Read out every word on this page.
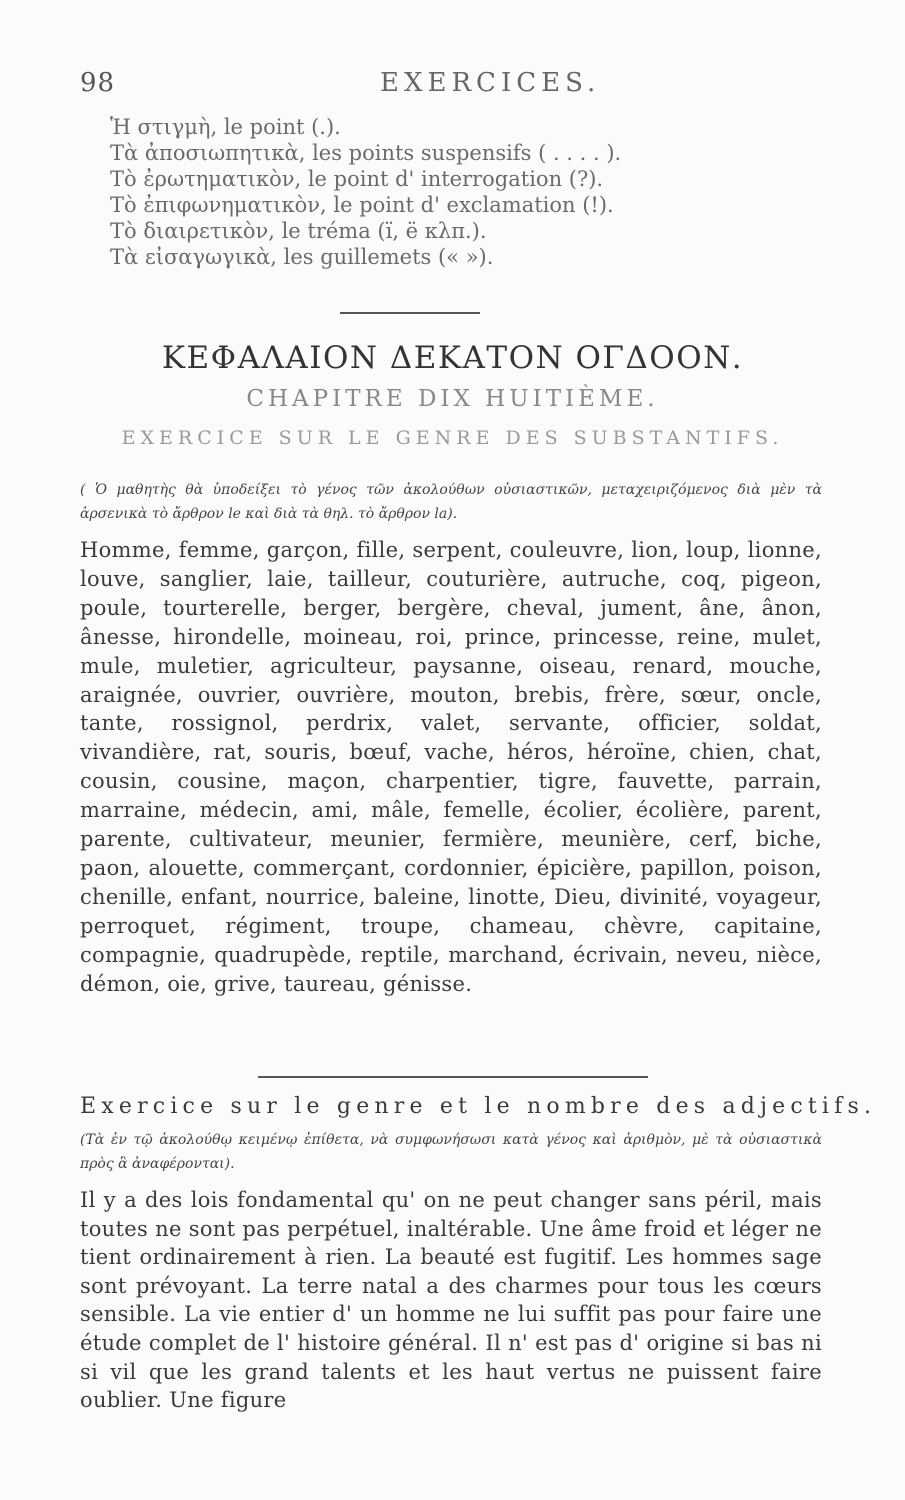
98	EXERCICES.
Ἡ στιγμὴ, le point (.).
Τὰ ἀποσιωπητικὰ, les points suspensifs ( . . . . ).
Τὸ ἐρωτηματικὸν, le point d' interrogation (?).
Τὸ ἐπιφωνηματικὸν, le point d' exclamation (!).
Τὸ διαιρετικὸν, le tréma (ï, ë κλπ.).
Τὰ εἰσαγωγικὰ, les guillemets (« »).
ΚΕΦΑΛΑΙΟΝ ΔΕΚΑΤΟΝ ΟΓΔΟΟΝ.
CHAPITRE DIX HUITIÈME.
EXERCICE SUR LE GENRE DES SUBSTANTIFS.
( Ὁ μαθητὴς θὰ ὑποδείξει τὸ γένος τῶν ἀκολούθων οὐσιαστικῶν, μεταχειριζόμενος διὰ μὲν τὰ ἀρσενικὰ τὸ ἄρθρον le καὶ διὰ τὰ θηλ. τὸ ἄρθρον la).
Homme, femme, garçon, fille, serpent, couleuvre, lion, loup, lionne, louve, sanglier, laie, tailleur, couturière, autruche, coq, pigeon, poule, tourterelle, berger, bergère, cheval, jument, âne, ânon, ânesse, hirondelle, moineau, roi, prince, princesse, reine, mulet, mule, muletier, agriculteur, paysanne, oiseau, renard, mouche, araignée, ouvrier, ouvrière, mouton, brebis, frère, sœur, oncle, tante, rossignol, perdrix, valet, servante, officier, soldat, vivandière, rat, souris, bœuf, vache, héros, héroïne, chien, chat, cousin, cousine, maçon, charpentier, tigre, fauvette, parrain, marraine, médecin, ami, mâle, femelle, écolier, écolière, parent, parente, cultivateur, meunier, fermière, meunière, cerf, biche, paon, alouette, commerçant, cordonnier, épicière, papillon, poison, chenille, enfant, nourrice, baleine, linotte, Dieu, divinité, voyageur, perroquet, régiment, troupe, chameau, chèvre, capitaine, compagnie, quadrupède, reptile, marchand, écrivain, neveu, nièce, démon, oie, grive, taureau, génisse.
Exercice sur le genre et le nombre des adjectifs.
(Τὰ ἐν τῷ ἀκολούθῳ κειμένῳ ἐπίθετα, νὰ συμφωνήσωσι κατὰ γένος καὶ ἀριθμὸν, μὲ τὰ οὐσιαστικὰ πρὸς ἃ ἀναφέρονται).
Il y a des lois fondamental qu' on ne peut changer sans péril, mais toutes ne sont pas perpétuel, inaltérable. Une âme froid et léger ne tient ordinairement à rien. La beauté est fugitif. Les hommes sage sont prévoyant. La terre natal a des charmes pour tous les cœurs sensible. La vie entier d' un homme ne lui suffit pas pour faire une étude complet de l' histoire général. Il n' est pas d' origine si bas ni si vil que les grand talents et les haut vertus ne puissent faire oublier. Une figure
